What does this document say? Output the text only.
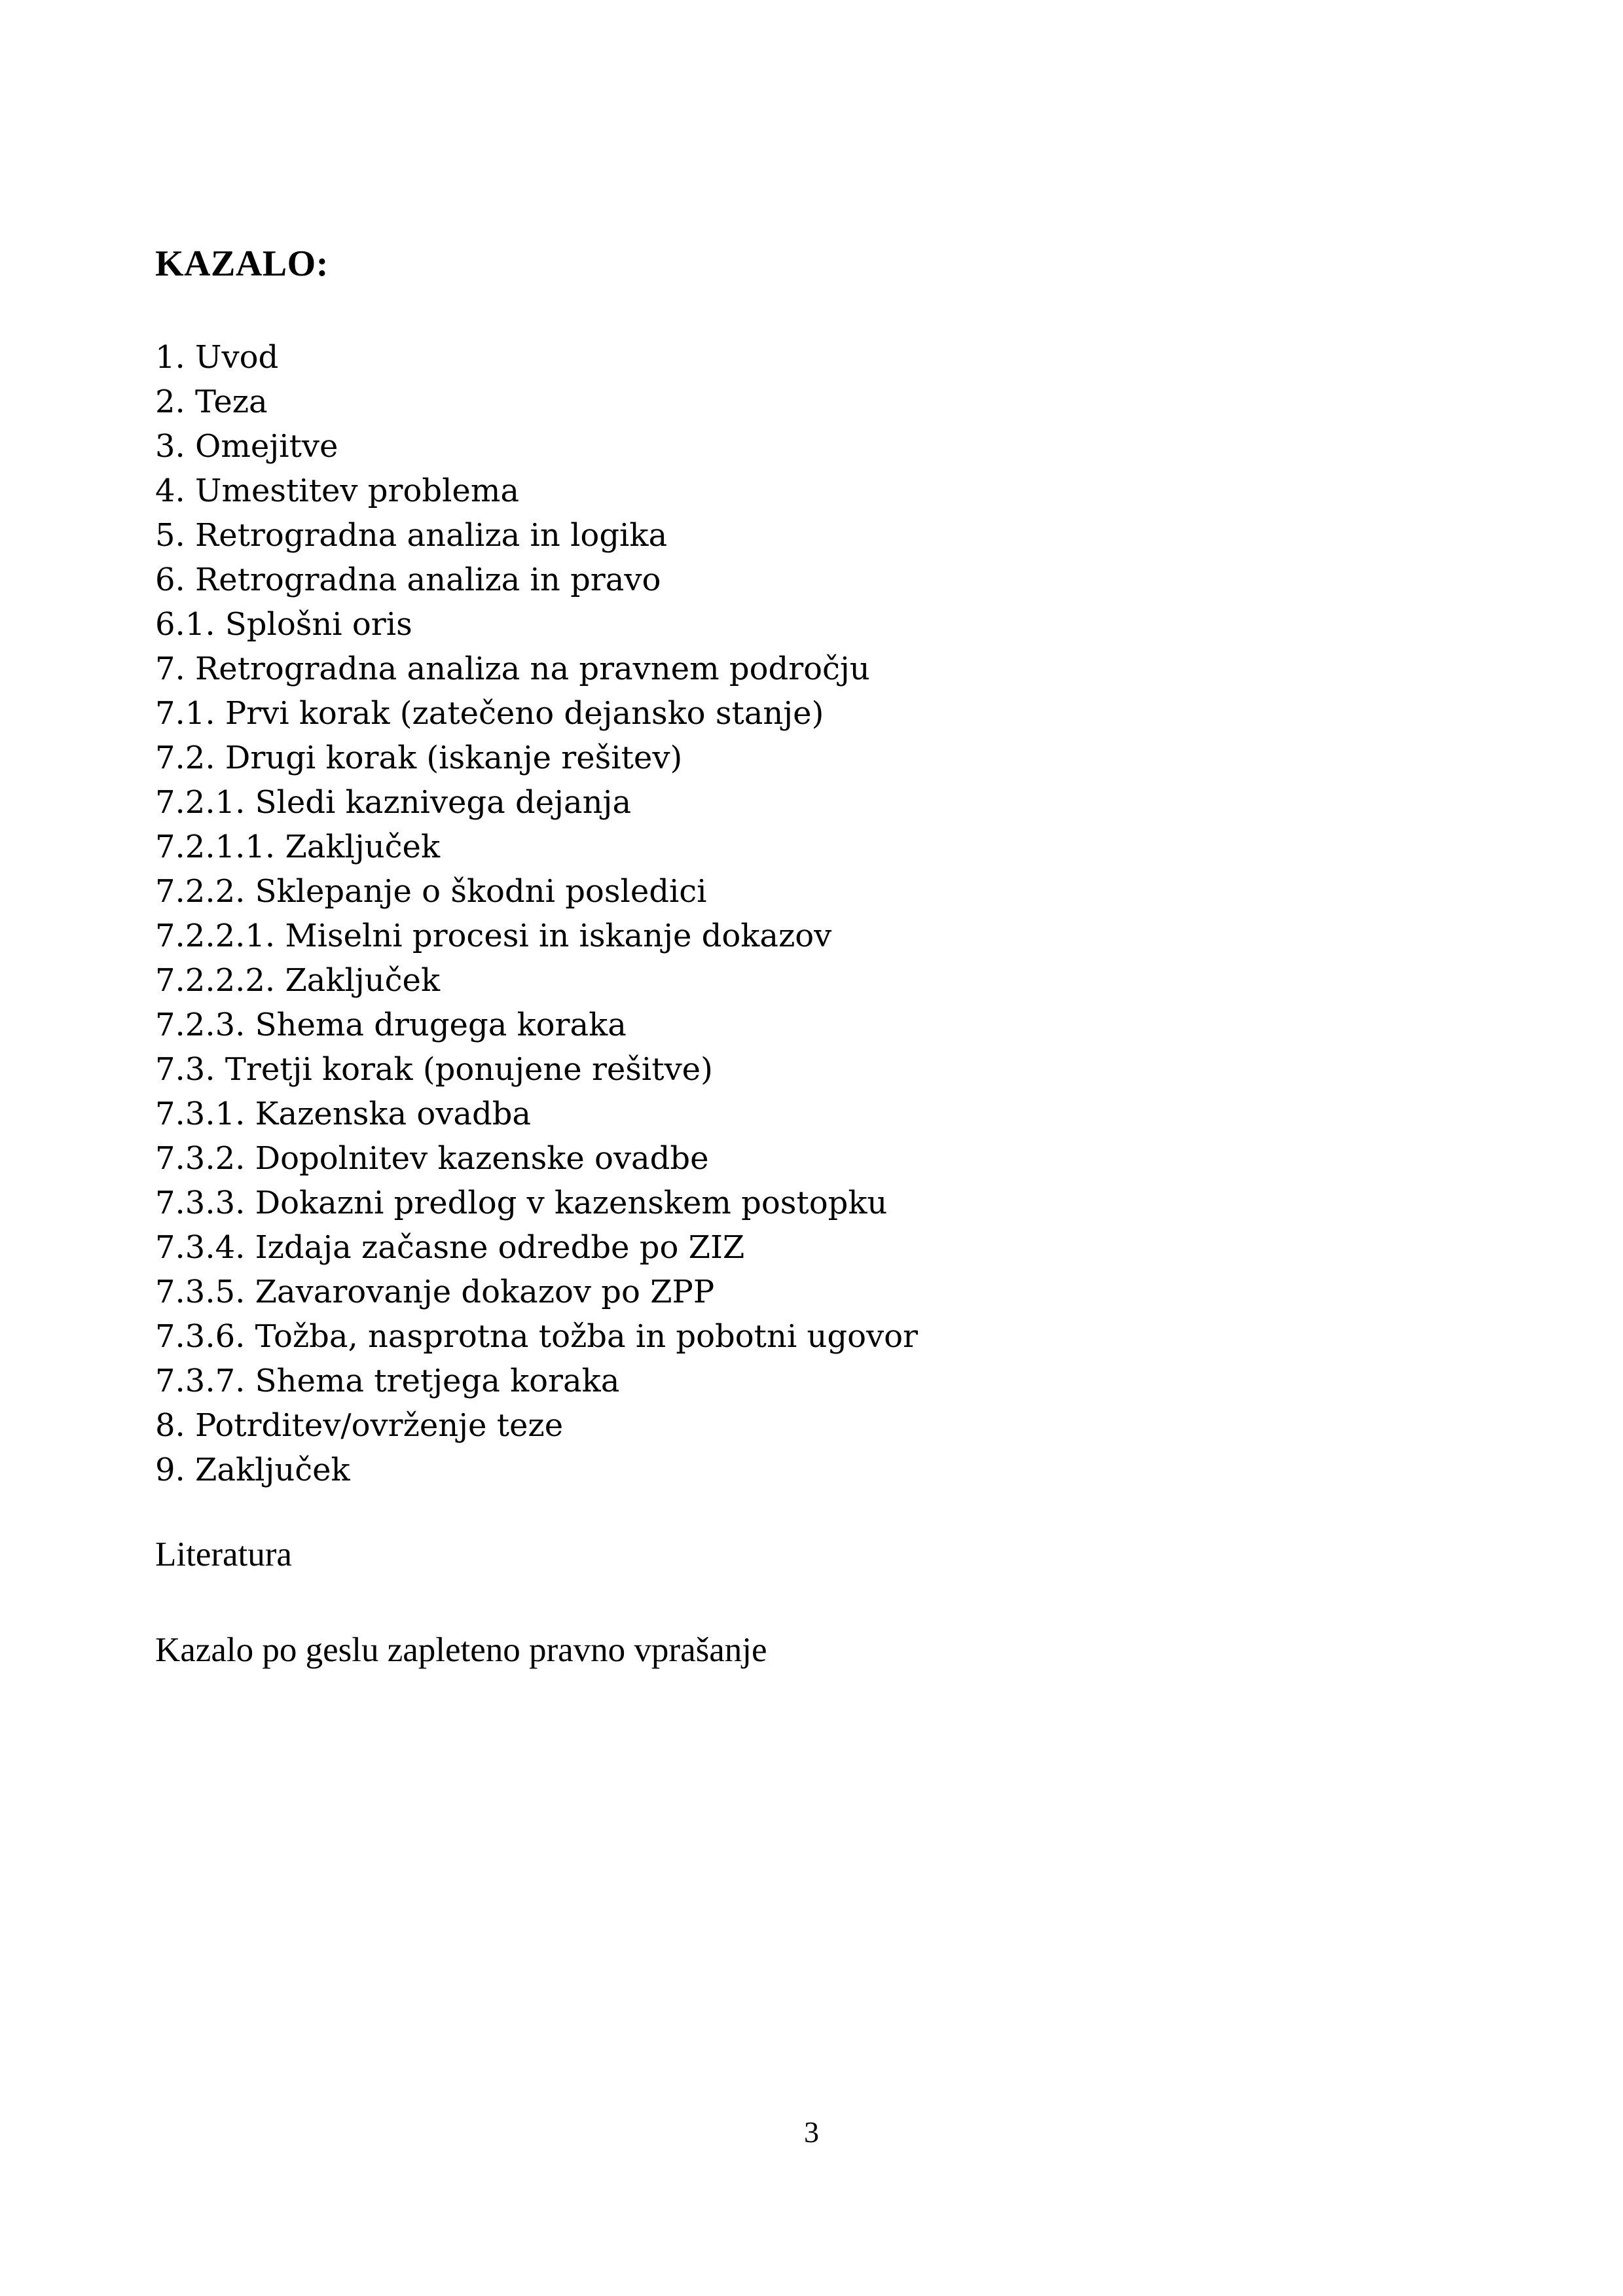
KAZALO:
1. Uvod
2. Teza
3. Omejitve
4. Umestitev problema
5. Retrogradna analiza in logika
6. Retrogradna analiza in pravo
6.1. Splošni oris
7. Retrogradna analiza na pravnem področju
7.1. Prvi korak (zatečeno dejansko stanje)
7.2. Drugi korak (iskanje rešitev)
7.2.1. Sledi kaznivega dejanja
7.2.1.1. Zaključek
7.2.2. Sklepanje o škodni posledici
7.2.2.1. Miselni procesi in iskanje dokazov
7.2.2.2. Zaključek
7.2.3. Shema drugega koraka
7.3. Tretji korak (ponujene rešitve)
7.3.1. Kazenska ovadba
7.3.2. Dopolnitev kazenske ovadbe
7.3.3. Dokazni predlog v kazenskem postopku
7.3.4. Izdaja začasne odredbe po ZIZ
7.3.5. Zavarovanje dokazov po ZPP
7.3.6. Tožba, nasprotna tožba in pobotni ugovor
7.3.7. Shema tretjega koraka
8. Potrditev/ovrženje teze
9. Zaključek

Literatura

Kazalo po geslu zapleteno pravno vprašanje

3
